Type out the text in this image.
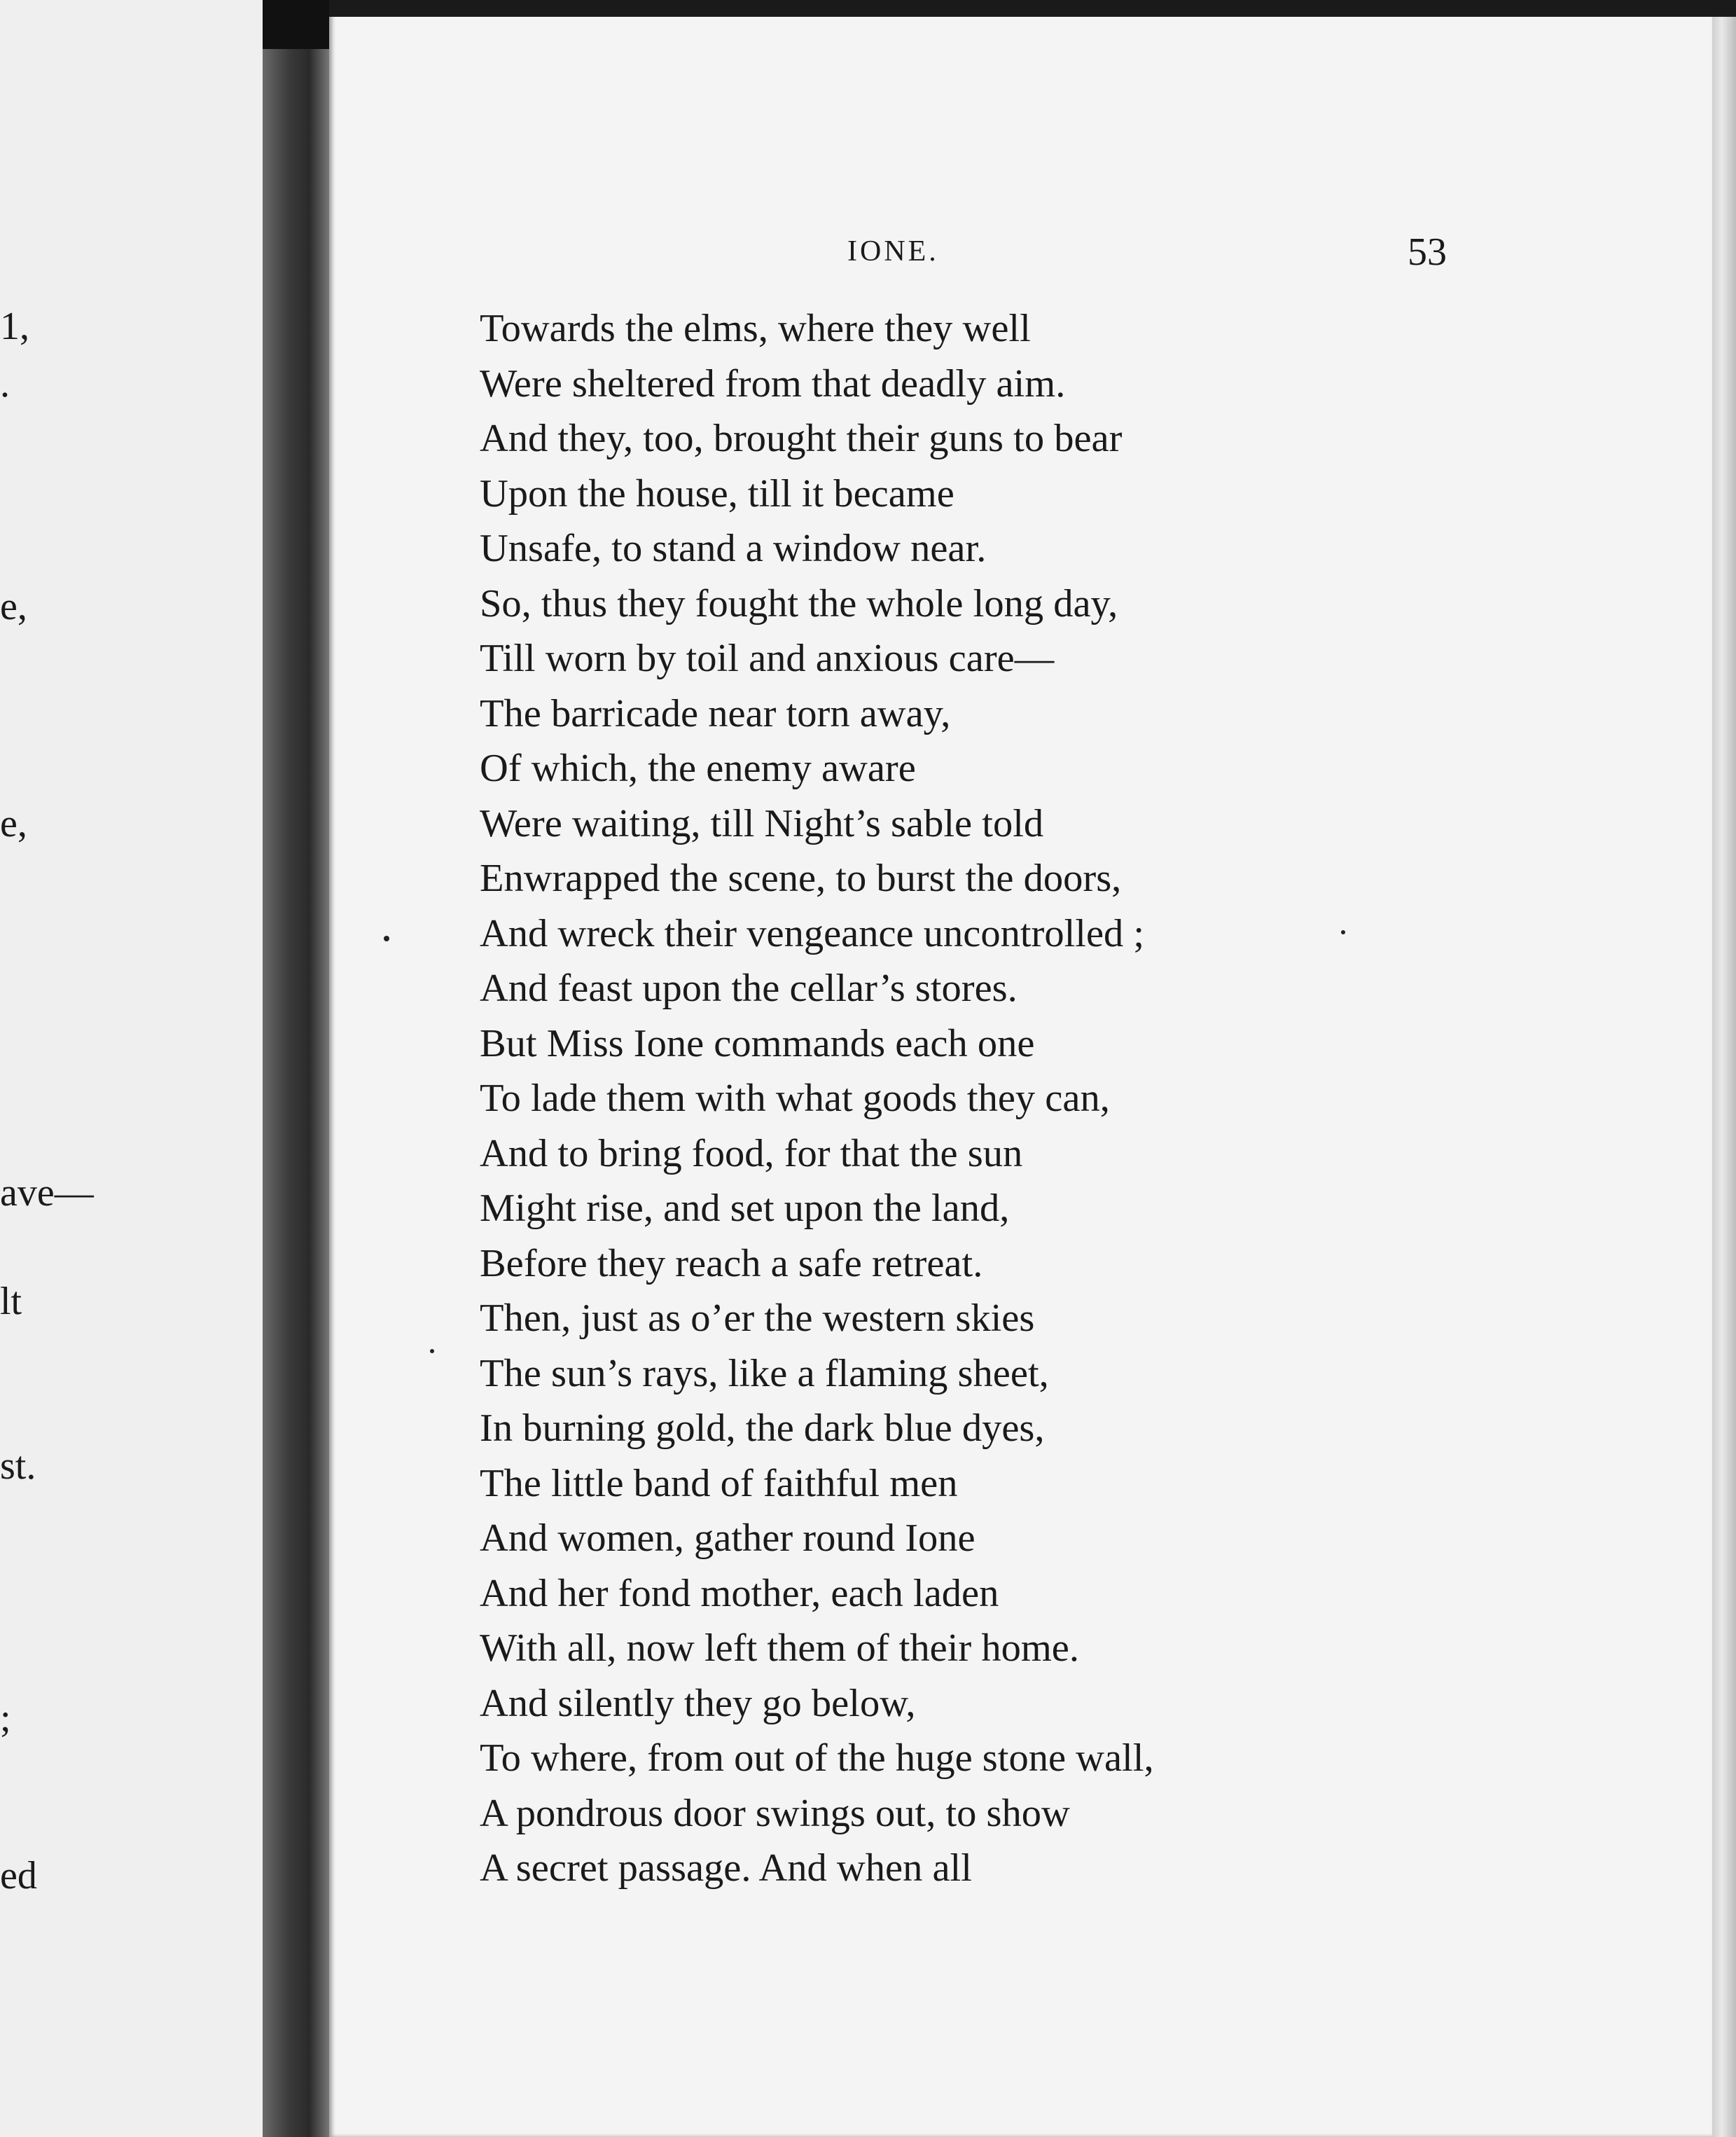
1,
.
e,
e,
ave—
lt
st.
;
ed
IONE.	53
Towards the elms, where they well
Were sheltered from that deadly aim.
And they, too, brought their guns to bear
Upon the house, till it became
Unsafe, to stand a window near.
So, thus they fought the whole long day,
Till worn by toil and anxious care—
The barricade near torn away,
Of which, the enemy aware
Were waiting, till Night’s sable told
Enwrapped the scene, to burst the doors,
And wreck their vengeance uncontrolled ;
And feast upon the cellar’s stores.
But Miss Ione commands each one
To lade them with what goods they can,
And to bring food, for that the sun
Might rise, and set upon the land,
Before they reach a safe retreat.
Then, just as o’er the western skies
The sun’s rays, like a flaming sheet,
In burning gold, the dark blue dyes,
The little band of faithful men
And women, gather round Ione
And her fond mother, each laden
With all, now left them of their home.
And silently they go below,
To where, from out of the huge stone wall,
A pondrous door swings out, to show
A secret passage. And when all
